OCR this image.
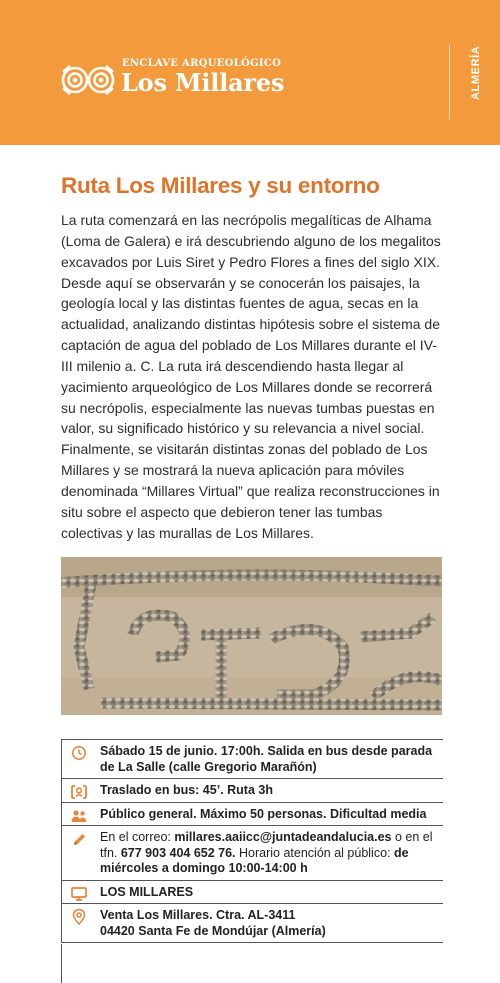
ENCLAVE ARQUEOLÓGICO
Los Millares	ALMERÍA
Ruta Los Millares y su entorno

La ruta comenzará en las necrópolis megalíticas de Alhama (Loma de Galera) e irá descubriendo alguno de los megalitos excavados por Luis Siret y Pedro Flores a fines del siglo XIX. Desde aquí se observarán y se conocerán los paisajes, la geología local y las distintas fuentes de agua, secas en la actualidad, analizando distintas hipótesis sobre el sistema de captación de agua del poblado de Los Millares durante el IV-III milenio a. C. La ruta irá descendiendo hasta llegar al yacimiento arqueológico de Los Millares donde se recorrerá su necrópolis, especialmente las nuevas tumbas puestas en valor, su significado histórico y su relevancia a nivel social. Finalmente, se visitarán distintas zonas del poblado de Los Millares y se mostrará la nueva aplicación para móviles denominada “Millares Virtual” que realiza reconstrucciones in situ sobre el aspecto que debieron tener las tumbas colectivas y las murallas de Los Millares.

Sábado 15 de junio. 17:00h. Salida en bus desde parada de La Salle (calle Gregorio Marañón)
Traslado en bus: 45’. Ruta 3h
Público general. Máximo 50 personas. Dificultad media
En el correo: millares.aaiicc@juntadeandalucia.es o en el tfn. 677 903 404 652 76. Horario atención al público: de miércoles a domingo 10:00-14:00 h
LOS MILLARES
Venta Los Millares. Ctra. AL-3411
04420 Santa Fe de Mondújar (Almería)
